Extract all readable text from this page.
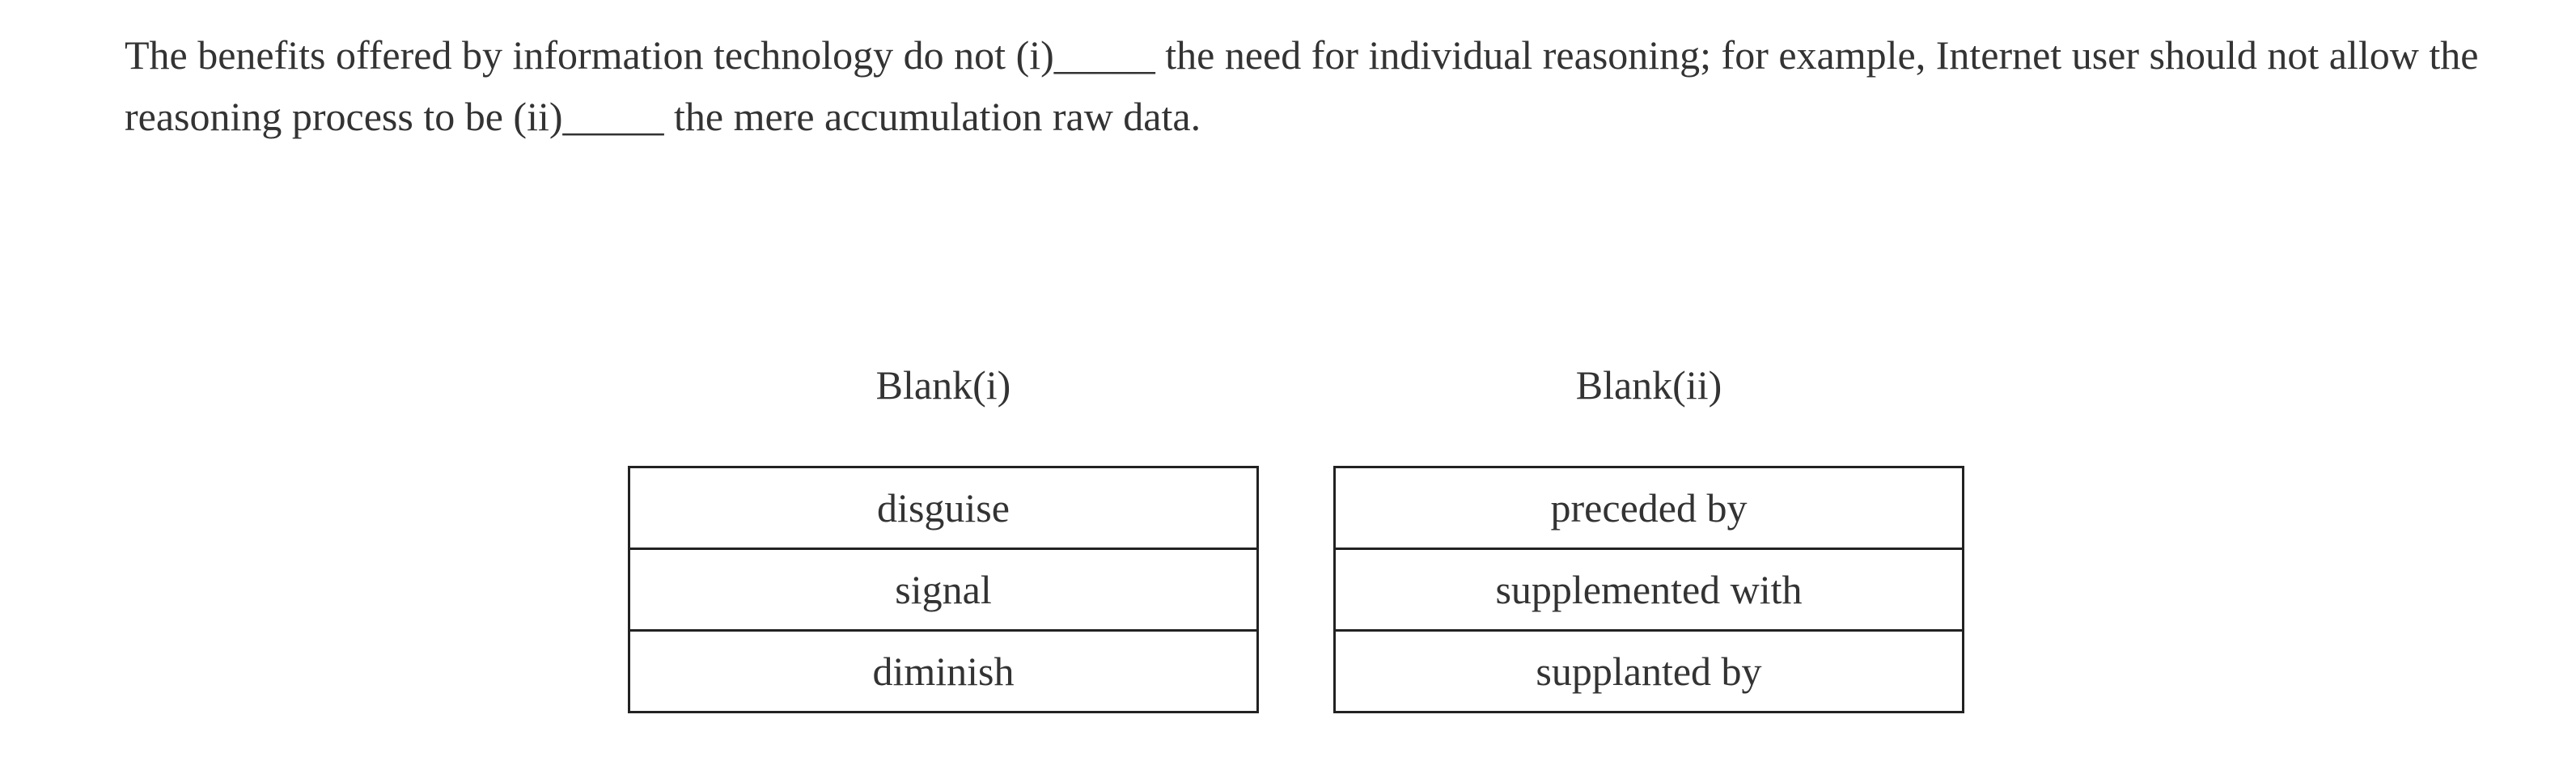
The benefits offered by information technology do not (i)_____ the need for individual reasoning; for example, Internet user should not allow the reasoning process to be (ii)_____ the mere accumulation raw data.

Blank(i)	Blank(ii)
disguise
signal
diminish
preceded by
supplemented with
supplanted by
